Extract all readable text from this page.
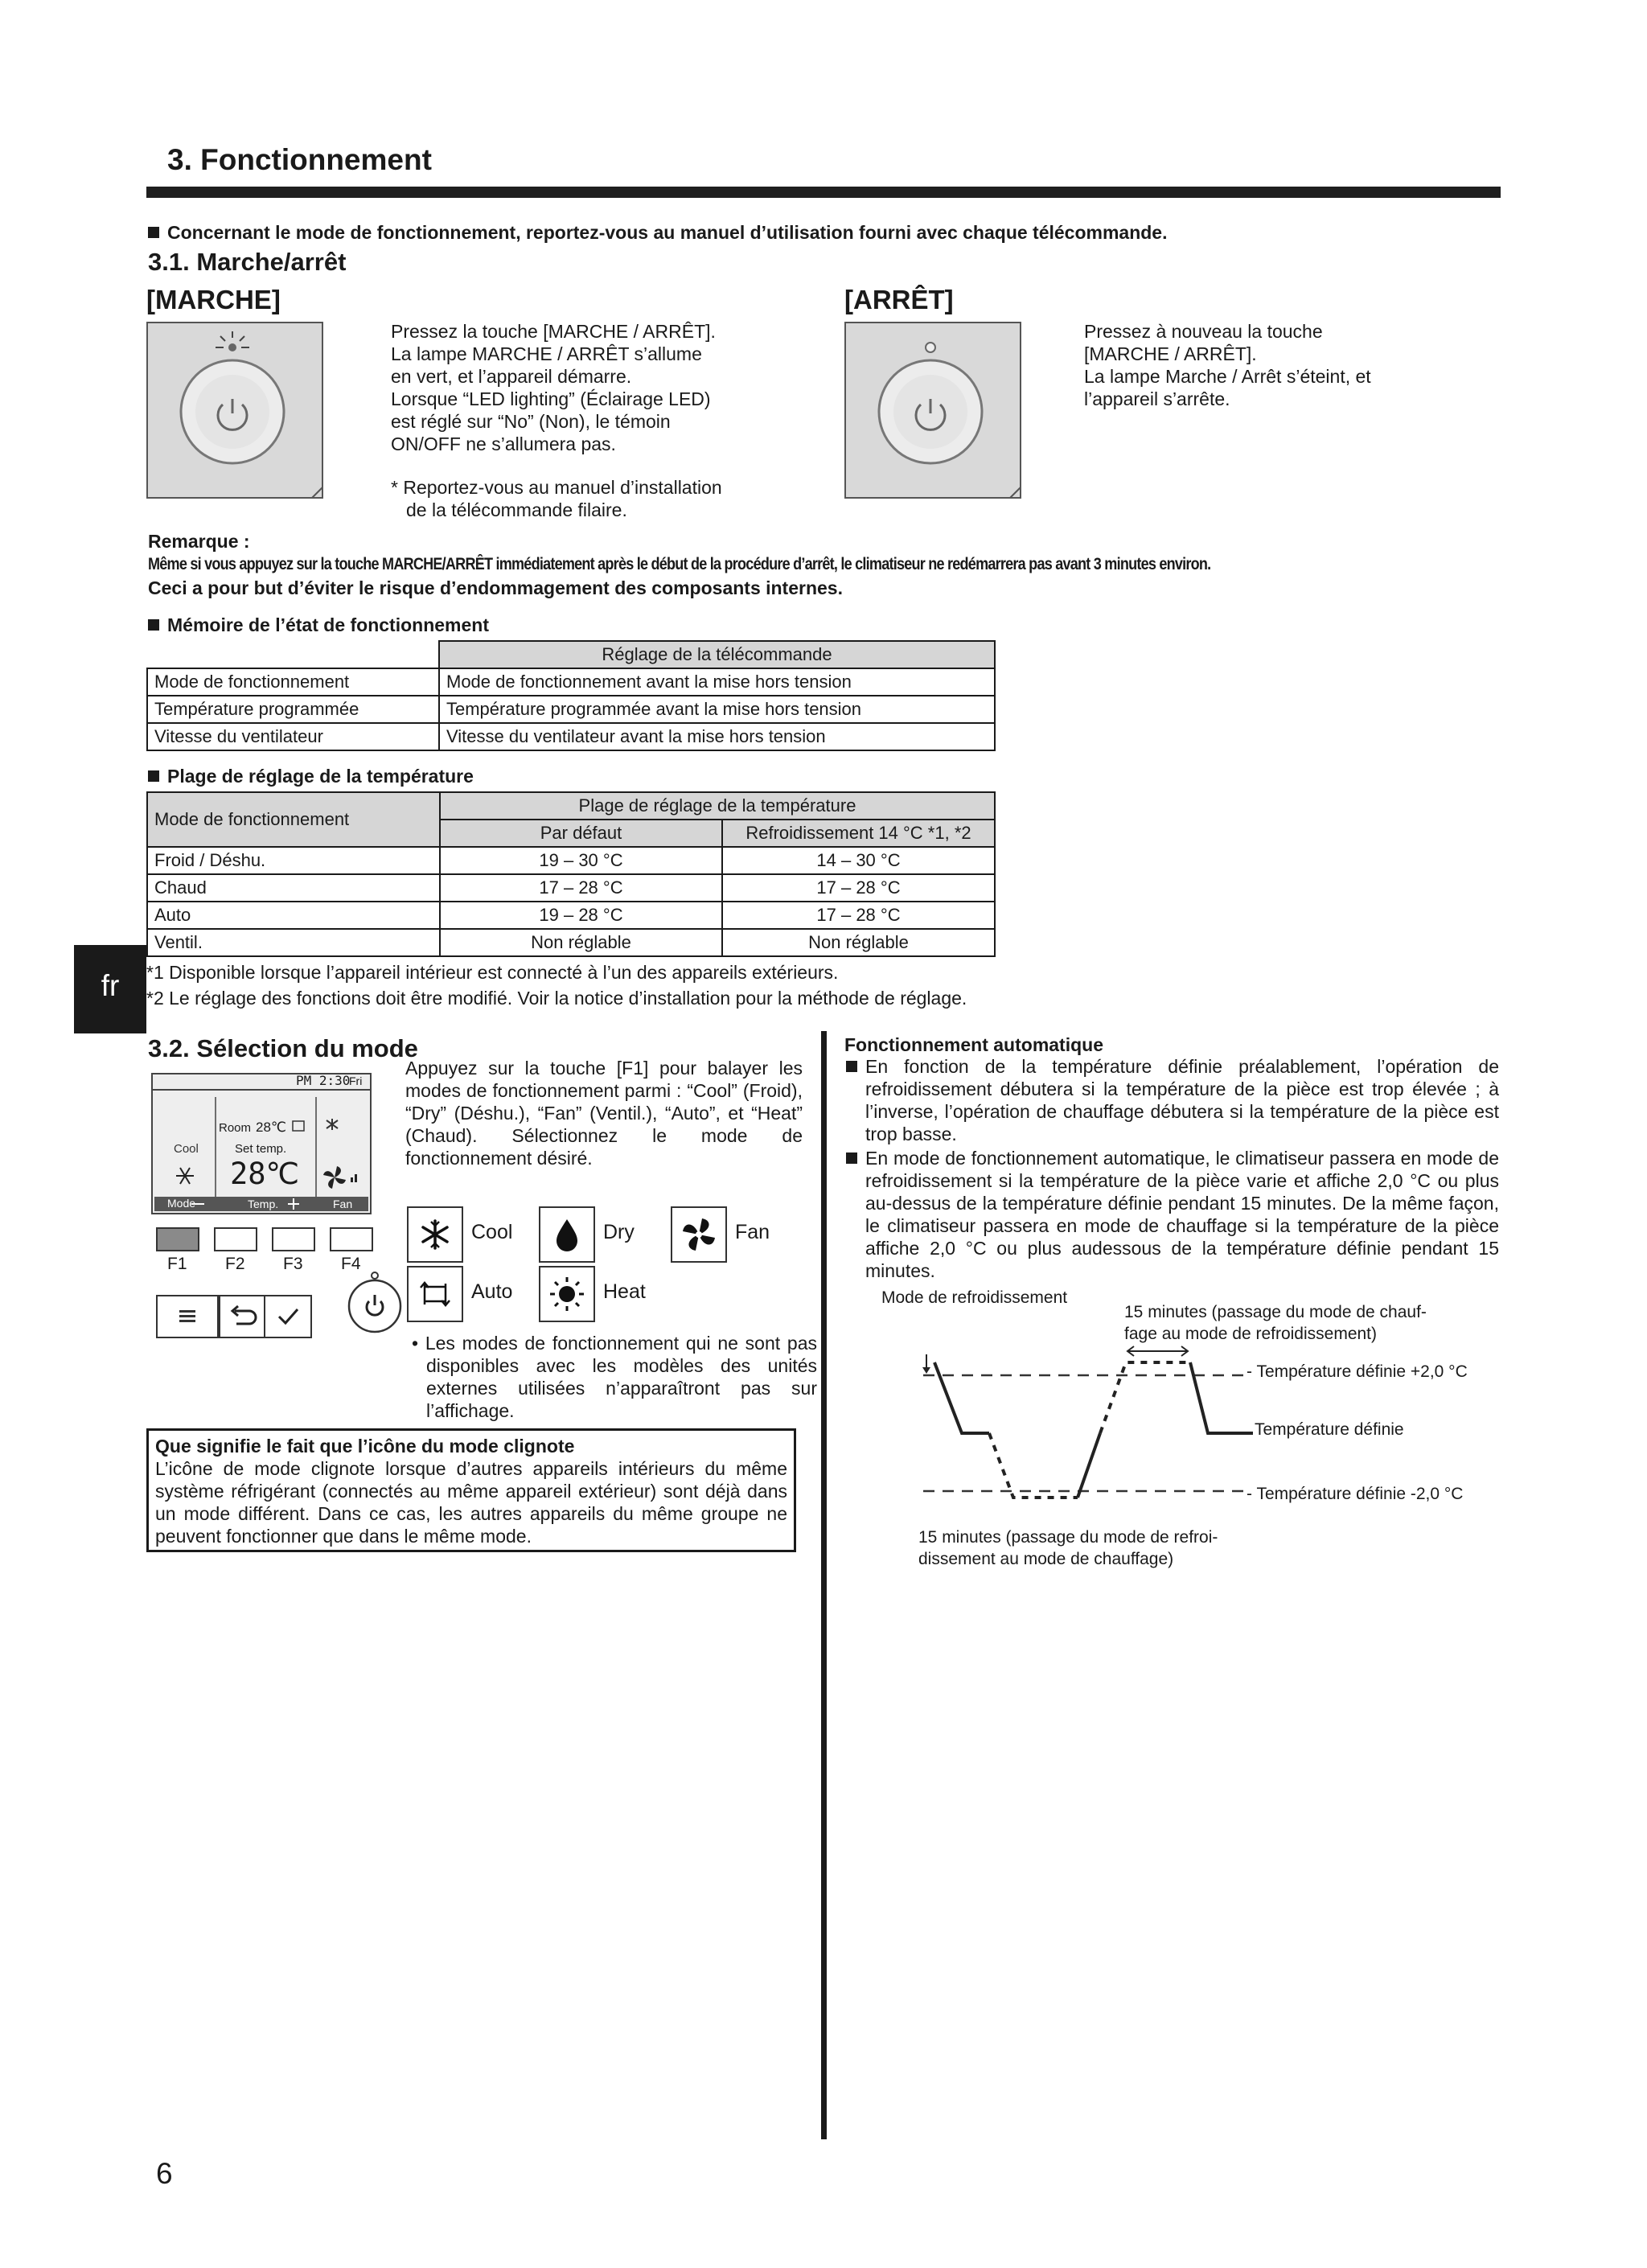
3. Fonctionnement
Concernant le mode de fonctionnement, reportez-vous au manuel d’utilisation fourni avec chaque télécommande.
3.1. Marche/arrêt
[MARCHE]
Pressez la touche [MARCHE / ARRÊT].
La lampe MARCHE / ARRÊT s’allume
en vert, et l’appareil démarre.
Lorsque “LED lighting” (Éclairage LED)
est réglé sur “No” (Non), le témoin
ON/OFF ne s’allumera pas.
* Reportez-vous au manuel d’installation
de la télécommande filaire.
[ARRÊT]
Pressez à nouveau la touche
[MARCHE / ARRÊT].
La lampe Marche / Arrêt s’éteint, et
l’appareil s’arrête.
Remarque :
Même si vous appuyez sur la touche MARCHE/ARRÊT immédiatement après le début de la procédure d’arrêt, le climatiseur ne redémarrera pas avant 3 minutes environ.
Ceci a pour but d’éviter le risque d’endommagement des composants internes.
Mémoire de l’état de fonctionnement
	Réglage de la télécommande
Mode de fonctionnement	Mode de fonctionnement avant la mise hors tension
Température programmée	Température programmée avant la mise hors tension
Vitesse du ventilateur	Vitesse du ventilateur avant la mise hors tension
Plage de réglage de la température
Mode de fonctionnement	Plage de réglage de la température	
	Par défaut	Refroidissement 14 °C *1, *2
Froid / Déshu.	19 – 30 °C	14 – 30 °C
Chaud	17 – 28 °C	17 – 28 °C
Auto	19 – 28 °C	17 – 28 °C
Ventil.	Non réglable	Non réglable
fr	*1 Disponible lorsque l’appareil intérieur est connecté à l’un des appareils extérieurs.
*2 Le réglage des fonctions doit être modifié. Voir la notice d’installation pour la méthode de réglage.
3.2. Sélection du mode
PM 2:30
Fri
Cool
Room 28℃
Set temp.
28℃
Mode	Temp.	Fan
F1 F2 F3 F4
Appuyez sur la touche [F1] pour balayer les modes de fonctionnement parmi : “Cool” (Froid), “Dry” (Déshu.), “Fan” (Ventil.), “Auto”, et “Heat” (Chaud). Sélectionnez le mode de fonctionnement désiré.
Cool	Dry	Fan
Auto	Heat
• Les modes de fonctionnement qui ne sont pas disponibles avec les modèles des unités externes utilisées n’apparaîtront pas sur l’affichage.
Que signifie le fait que l’icône du mode clignote
L’icône de mode clignote lorsque d’autres appareils intérieurs du même système réfrigérant (connectés au même appareil extérieur) sont déjà dans un mode différent. Dans ce cas, les autres appareils du même groupe ne peuvent fonctionner que dans le même mode.
Fonctionnement automatique
En fonction de la température définie préalablement, l’opération de refroidissement débutera si la température de la pièce est trop élevée ; à l’inverse, l’opération de chauffage débutera si la température de la pièce est trop basse.
En mode de fonctionnement automatique, le climatiseur passera en mode de refroidissement si la température de la pièce varie et affiche 2,0 °C ou plus au-dessus de la température définie pendant 15 minutes. De la même façon, le climatiseur passera en mode de chauffage si la température de la pièce affiche 2,0 °C ou plus audessous de la température définie pendant 15 minutes.
Mode de refroidissement
15 minutes (passage du mode de chauf-
fage au mode de refroidissement)
- Température définie +2,0 °C
Température définie
- Température définie -2,0 °C
15 minutes (passage du mode de refroi-
dissement au mode de chauffage)
6
